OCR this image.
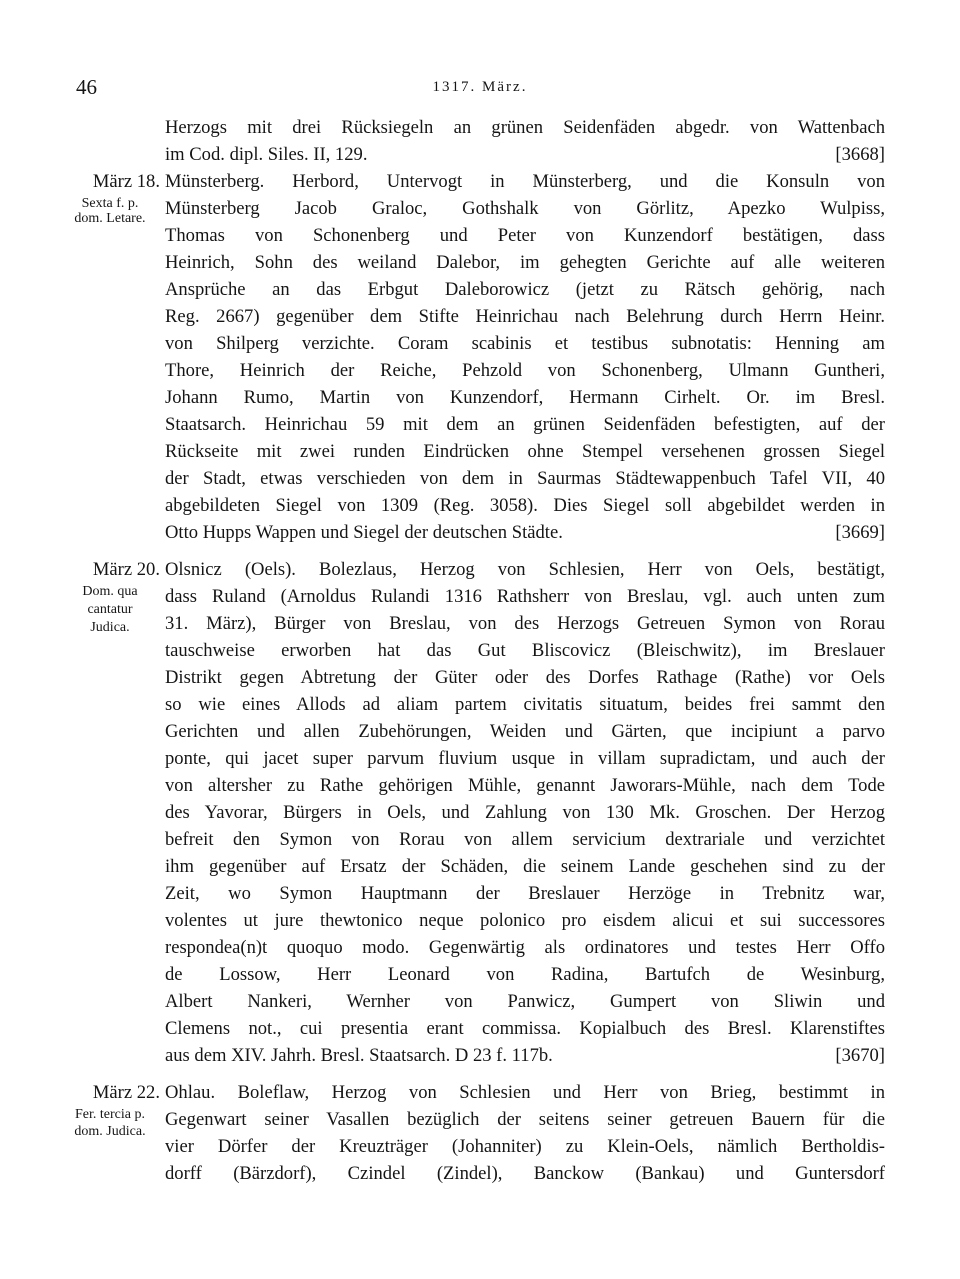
46	1317. März.
März 18.
Sexta f. p.
dom. Letare.
März 20.
Dom. qua
cantatur
Judica.
März 22.
Fer. tercia p.
dom. Judica.
Herzogs mit drei Rücksiegeln an grünen Seidenfäden abgedr. von Wattenbach
im Cod. dipl. Siles. II, 129.	[3668]
Münsterberg. Herbord, Untervogt in Münsterberg, und die Konsuln von
Münsterberg Jacob Graloc, Gothshalk von Görlitz, Apezko Wulpiss,
Thomas von Schonenberg und Peter von Kunzendorf bestätigen, dass
Heinrich, Sohn des weiland Dalebor, im gehegten Gerichte auf alle weiteren
Ansprüche an das Erbgut Daleborowicz (jetzt zu Rätsch gehörig, nach
Reg. 2667) gegenüber dem Stifte Heinrichau nach Belehrung durch Herrn Heinr.
von Shilperg verzichte. Coram scabinis et testibus subnotatis: Henning am
Thore, Heinrich der Reiche, Pehzold von Schonenberg, Ulmann Guntheri,
Johann Rumo, Martin von Kunzendorf, Hermann Cirhelt. Or. im Bresl.
Staatsarch. Heinrichau 59 mit dem an grünen Seidenfäden befestigten, auf der
Rückseite mit zwei runden Eindrücken ohne Stempel versehenen grossen Siegel
der Stadt, etwas verschieden von dem in Saurmas Städtewappenbuch Tafel VII, 40
abgebildeten Siegel von 1309 (Reg. 3058). Dies Siegel soll abgebildet werden in
Otto Hupps Wappen und Siegel der deutschen Städte.	[3669]
Olsnicz (Oels). Bolezlaus, Herzog von Schlesien, Herr von Oels, bestätigt,
dass Ruland (Arnoldus Rulandi 1316 Rathsherr von Breslau, vgl. auch unten zum
31. März), Bürger von Breslau, von des Herzogs Getreuen Symon von Rorau
tauschweise erworben hat das Gut Bliscovicz (Bleischwitz), im Breslauer
Distrikt gegen Abtretung der Güter oder des Dorfes Rathage (Rathe) vor Oels
so wie eines Allods ad aliam partem civitatis situatum, beides frei sammt den
Gerichten und allen Zubehörungen, Weiden und Gärten, que incipiunt a parvo
ponte, qui jacet super parvum fluvium usque in villam supradictam, und auch der
von altersher zu Rathe gehörigen Mühle, genannt Jaworars-Mühle, nach dem Tode
des Yavorar, Bürgers in Oels, und Zahlung von 130 Mk. Groschen. Der Herzog
befreit den Symon von Rorau von allem servicium dextrariale und verzichtet
ihm gegenüber auf Ersatz der Schäden, die seinem Lande geschehen sind zu der
Zeit, wo Symon Hauptmann der Breslauer Herzöge in Trebnitz war,
volentes ut jure thewtonico neque polonico pro eisdem alicui et sui successores
respondea(n)t quoquo modo. Gegenwärtig als ordinatores und testes Herr Offo
de Lossow, Herr Leonard von Radina, Bartufch de Wesinburg,
Albert Nankeri, Wernher von Panwicz, Gumpert von Sliwin und
Clemens not., cui presentia erant commissa. Kopialbuch des Bresl. Klarenstiftes
aus dem XIV. Jahrh. Bresl. Staatsarch. D 23 f. 117b.	[3670]
Ohlau. Boleflaw, Herzog von Schlesien und Herr von Brieg, bestimmt in
Gegenwart seiner Vasallen bezüglich der seitens seiner getreuen Bauern für die
vier Dörfer der Kreuzträger (Johanniter) zu Klein-Oels, nämlich Bertholdis-
dorff (Bärzdorf), Czindel (Zindel), Banckow (Bankau) und Guntersdorf
